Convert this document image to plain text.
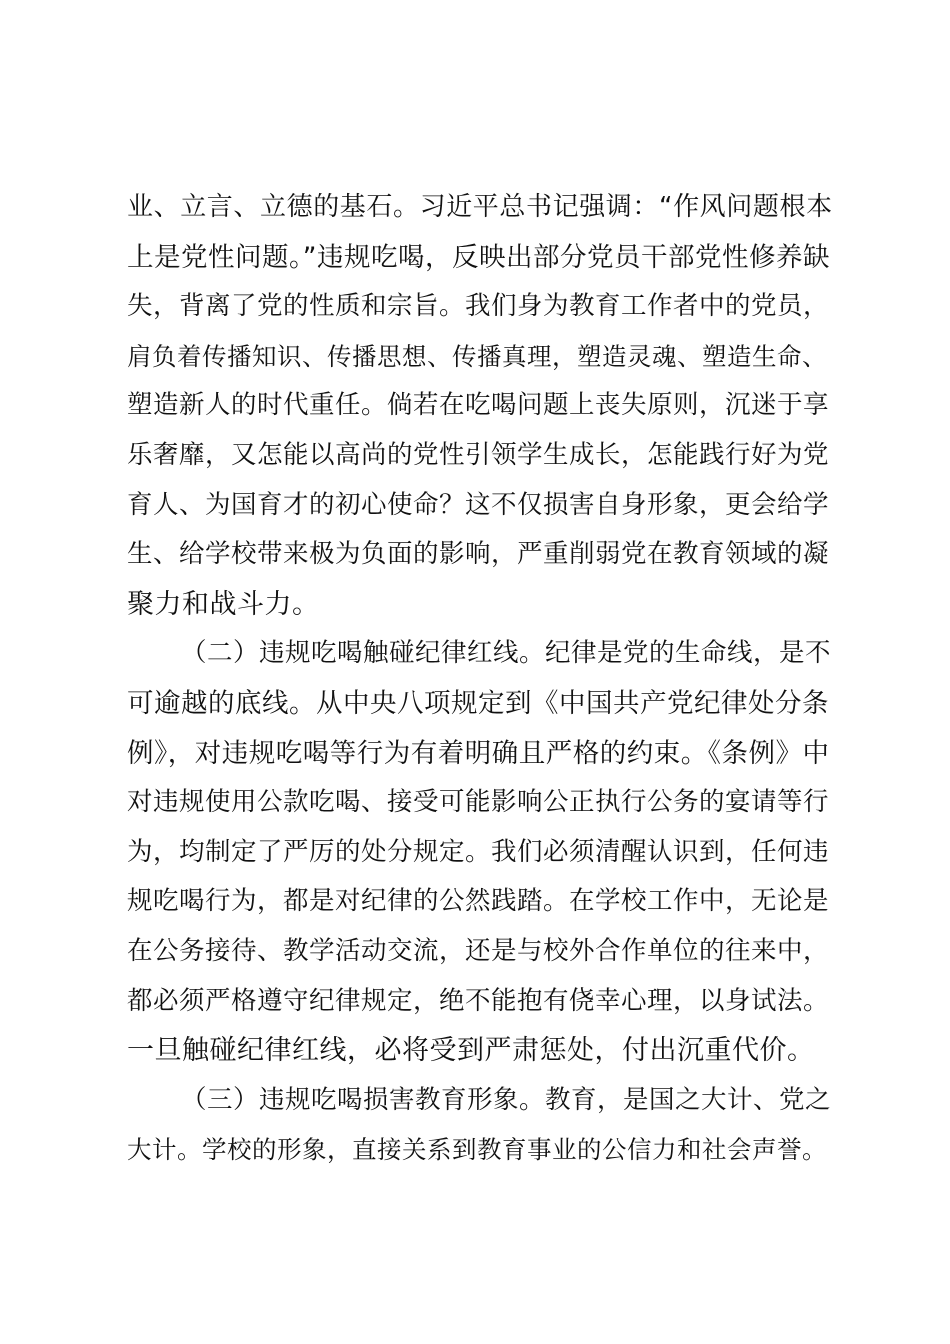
业、立言、立德的基石。习近平总书记强调：“作风问题根本
上是党性问题。”违规吃喝，反映出部分党员干部党性修养缺
失，背离了党的性质和宗旨。我们身为教育工作者中的党员，
肩负着传播知识、传播思想、传播真理，塑造灵魂、塑造生命、
塑造新人的时代重任。倘若在吃喝问题上丧失原则，沉迷于享
乐奢靡，又怎能以高尚的党性引领学生成长，怎能践行好为党
育人、为国育才的初心使命？这不仅损害自身形象，更会给学
生、给学校带来极为负面的影响，严重削弱党在教育领域的凝
聚力和战斗力。
（二）违规吃喝触碰纪律红线。纪律是党的生命线，是不
可逾越的底线。从中央八项规定到《中国共产党纪律处分条
例》，对违规吃喝等行为有着明确且严格的约束。《条例》中
对违规使用公款吃喝、接受可能影响公正执行公务的宴请等行
为，均制定了严厉的处分规定。我们必须清醒认识到，任何违
规吃喝行为，都是对纪律的公然践踏。在学校工作中，无论是
在公务接待、教学活动交流，还是与校外合作单位的往来中，
都必须严格遵守纪律规定，绝不能抱有侥幸心理，以身试法。
一旦触碰纪律红线，必将受到严肃惩处，付出沉重代价。
（三）违规吃喝损害教育形象。教育，是国之大计、党之
大计。学校的形象，直接关系到教育事业的公信力和社会声誉。
